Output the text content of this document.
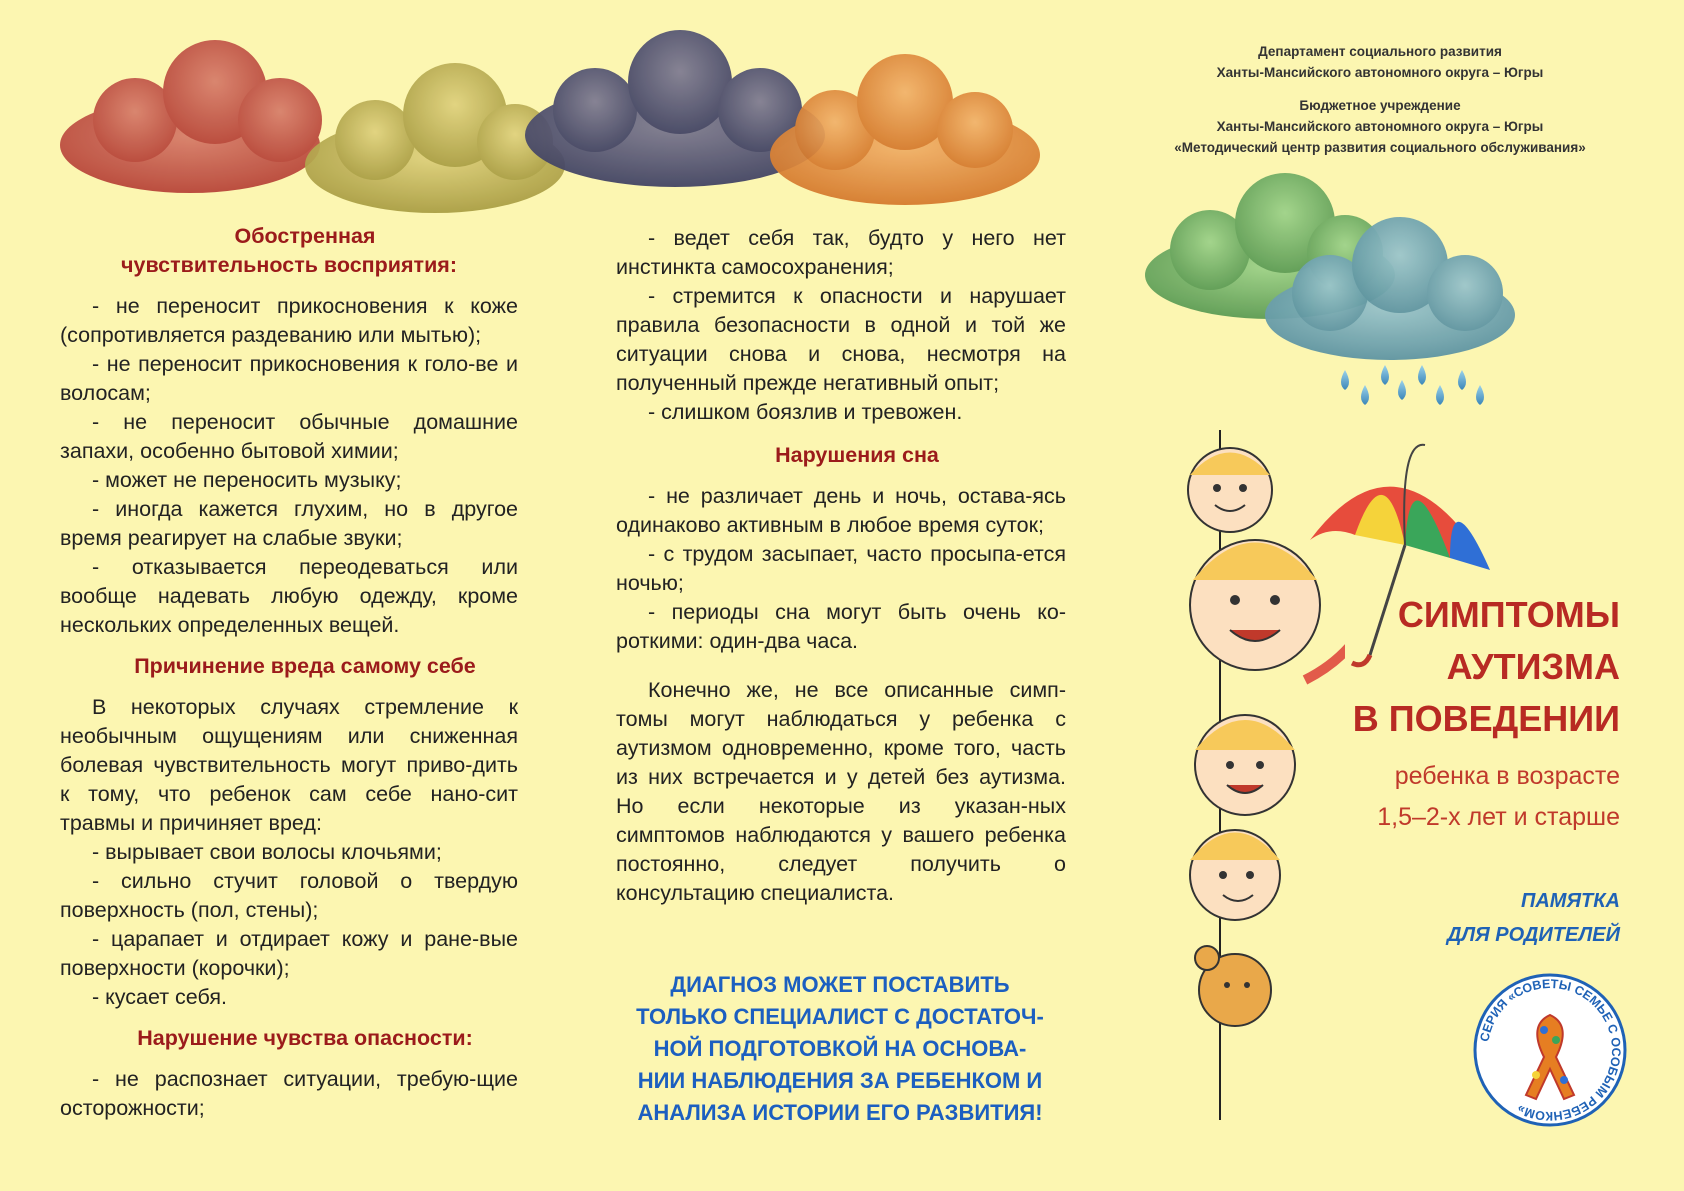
Обостренная чувствительность восприятия:

- не переносит прикосновения к коже (сопротивляется раздеванию или мытью);

- не переносит прикосновения к голо-ве и волосам;

- не переносит обычные домашние запахи, особенно бытовой химии;

- может не переносить музыку;

- иногда кажется глухим, но в другое время реагирует на слабые звуки;

- отказывается переодеваться или вообще надевать любую одежду, кроме нескольких определенных вещей.

Причинение вреда самому себе

В некоторых случаях стремление к необычным ощущениям или сниженная болевая чувствительность могут приво-дить к тому, что ребенок сам себе нано-сит травмы и причиняет вред:

- вырывает свои волосы клочьями;

- сильно стучит головой о твердую поверхность (пол, стены);

- царапает и отдирает кожу и ране-вые поверхности (корочки);

- кусает себя.

Нарушение чувства опасности:

- не распознает ситуации, требую-щие осторожности;

- ведет себя так, будто у него нет инстинкта самосохранения;

- стремится к опасности и нарушает правила безопасности в одной и той же ситуации снова и снова, несмотря на полученный прежде негативный опыт;

- слишком боязлив и тревожен.

Нарушения сна

- не различает день и ночь, остава-ясь одинаково активным в любое время суток;

- с трудом засыпает, часто просыпа-ется ночью;

- периоды сна могут быть очень ко-роткими: один-два часа.

Конечно же, не все описанные симп-томы могут наблюдаться у ребенка с аутизмом одновременно, кроме того, часть из них встречается и у детей без аутизма. Но если некоторые из указан-ных симптомов наблюдаются у вашего ребенка постоянно, следует получить о консультацию специалиста.

ДИАГНОЗ МОЖЕТ ПОСТАВИТЬ
ТОЛЬКО СПЕЦИАЛИСТ С ДОСТАТОЧ-
НОЙ ПОДГОТОВКОЙ НА ОСНОВА-
НИИ НАБЛЮДЕНИЯ ЗА РЕБЕНКОМ И
АНАЛИЗА ИСТОРИИ ЕГО РАЗВИТИЯ!
Департамент социального развития
Ханты-Мансийского автономного округа – Югры
Бюджетное учреждение
Ханты-Мансийского автономного округа – Югры
«Методический центр развития социального обслуживания»
СИМПТОМЫ
АУТИЗМА
В ПОВЕДЕНИИ
ребенка в возрасте
1,5–2-х лет и старше
ПАМЯТКА
ДЛЯ РОДИТЕЛЕЙ
СЕРИЯ «СОВЕТЫ СЕМЬЕ С ОСОБЫМ РЕБЕНКОМ»
